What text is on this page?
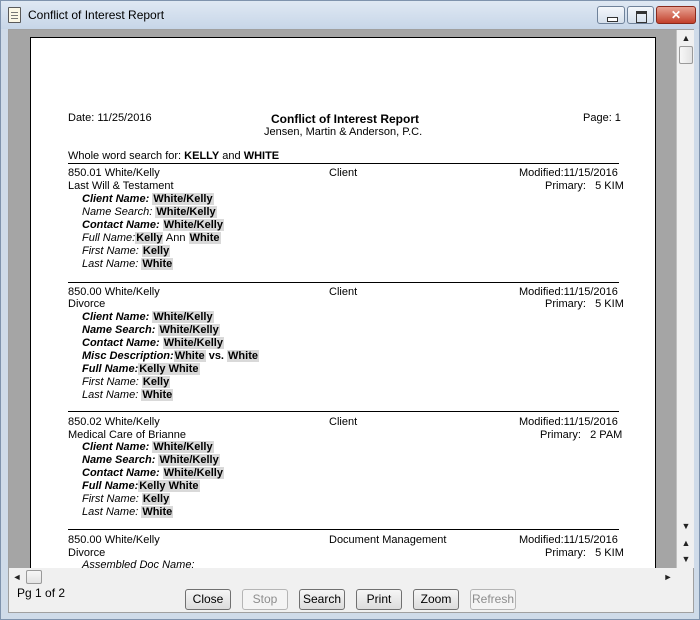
Conflict of Interest Report	✕
Date: 11/25/2016	Conflict of Interest Report
Jensen, Martin & Anderson, P.C.
Page: 1
Whole word search for: KELLY and WHITE
850.01 White/Kelly	Client	Modified:11/15/2016
Last Will & Testament	Primary: 5 KIM
Client Name: White/Kelly
Name Search: White/Kelly
Contact Name: White/Kelly
Full Name:Kelly Ann White
First Name: Kelly
Last Name: White
850.00 White/Kelly	Client	Modified:11/15/2016
Divorce	Primary: 5 KIM
Client Name: White/Kelly
Name Search: White/Kelly
Contact Name: White/Kelly
Misc Description:White vs. White
Full Name:Kelly White
First Name: Kelly
Last Name: White
850.02 White/Kelly	Client	Modified:11/15/2016
Medical Care of Brianne	Primary: 2 PAM
Client Name: White/Kelly
Name Search: White/Kelly
Contact Name: White/Kelly
Full Name:Kelly White
First Name: Kelly
Last Name: White
850.00 White/Kelly	Document Management	Modified:11/15/2016
Divorce	Primary: 5 KIM
Assembled Doc Name:
▲
▼
▲
▼
◄	►
Pg 1 of 2	Close	Stop	Search	Print	Zoom	Refresh
